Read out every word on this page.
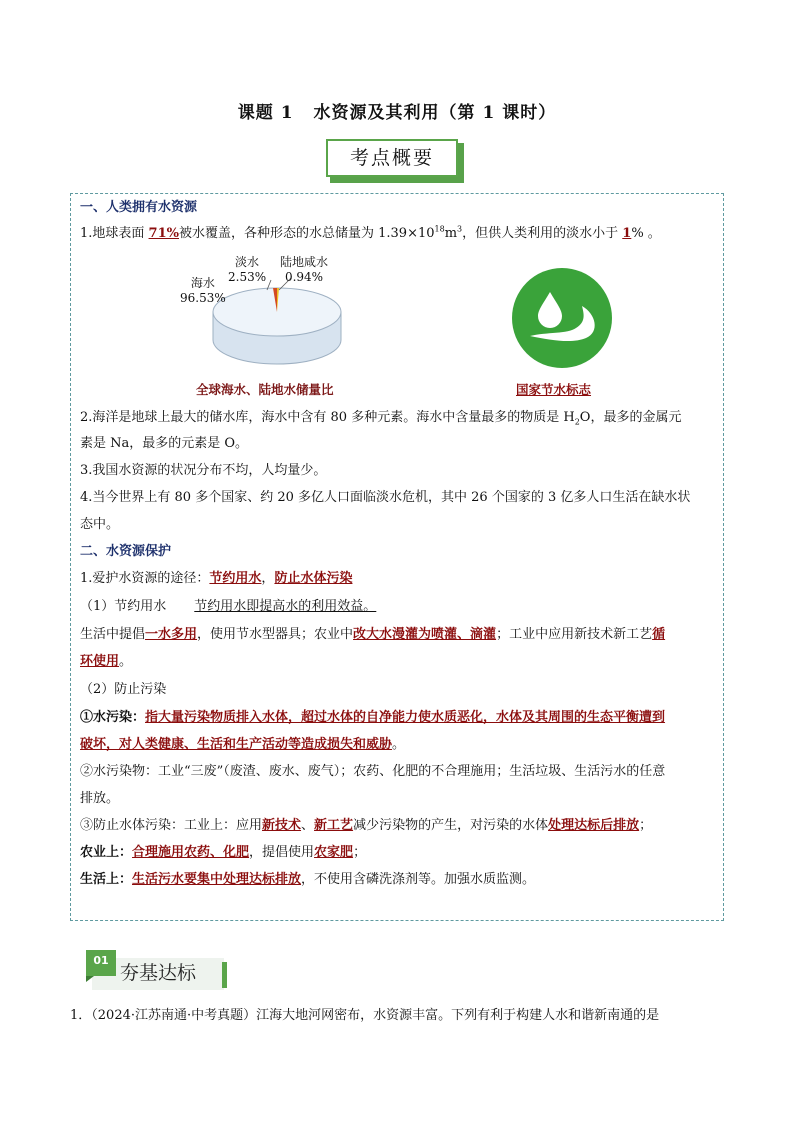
课题 1 水资源及其利用（第 1 课时）
考点概要
一、人类拥有水资源
1.地球表面 71%被水覆盖，各种形态的水总储量为 $1.39\times 10^{18}m^3$，但供人类利用的淡水小于 1% 。
淡水
2.53%
陆地咸水
0.94%
海水
96.53%
全球海水、陆地水储量比	国家节水标志
2.海洋是地球上最大的储水库，海水中含有 80 多种元素。海水中含量最多的物质是 $H_2O$，最多的金属元
素是 Na，最多的元素是 O。
3.我国水资源的状况分布不均，人均量少。
4.当今世界上有 80 多个国家、约 20 多亿人口面临淡水危机，其中 26 个国家的 3 亿多人口生活在缺水状
态中。
二、水资源保护
1.爱护水资源的途径：节约用水，防止水体污染
（1）节约用水 节约用水即提高水的利用效益。
生活中提倡一水多用，使用节水型器具；农业中改大水漫灌为喷灌、滴灌；工业中应用新技术新工艺循
环使用。
（2）防止污染
①水污染：指大量污染物质排入水体，超过水体的自净能力使水质恶化，水体及其周围的生态平衡遭到
破坏，对人类健康、生活和生产活动等造成损失和威胁。
②水污染物：工业“三废”（废渣、废水、废气）；农药、化肥的不合理施用；生活垃圾、生活污水的任意
排放。
③防止水体污染：工业上：应用新技术、新工艺减少污染物的产生，对污染的水体处理达标后排放；
农业上：合理施用农药、化肥，提倡使用农家肥；
生活上：生活污水要集中处理达标排放，不使用含磷洗涤剂等。加强水质监测。
01
夯基达标
1．（2024·江苏南通·中考真题）江海大地河网密布，水资源丰富。下列有利于构建人水和谐新南通的是
